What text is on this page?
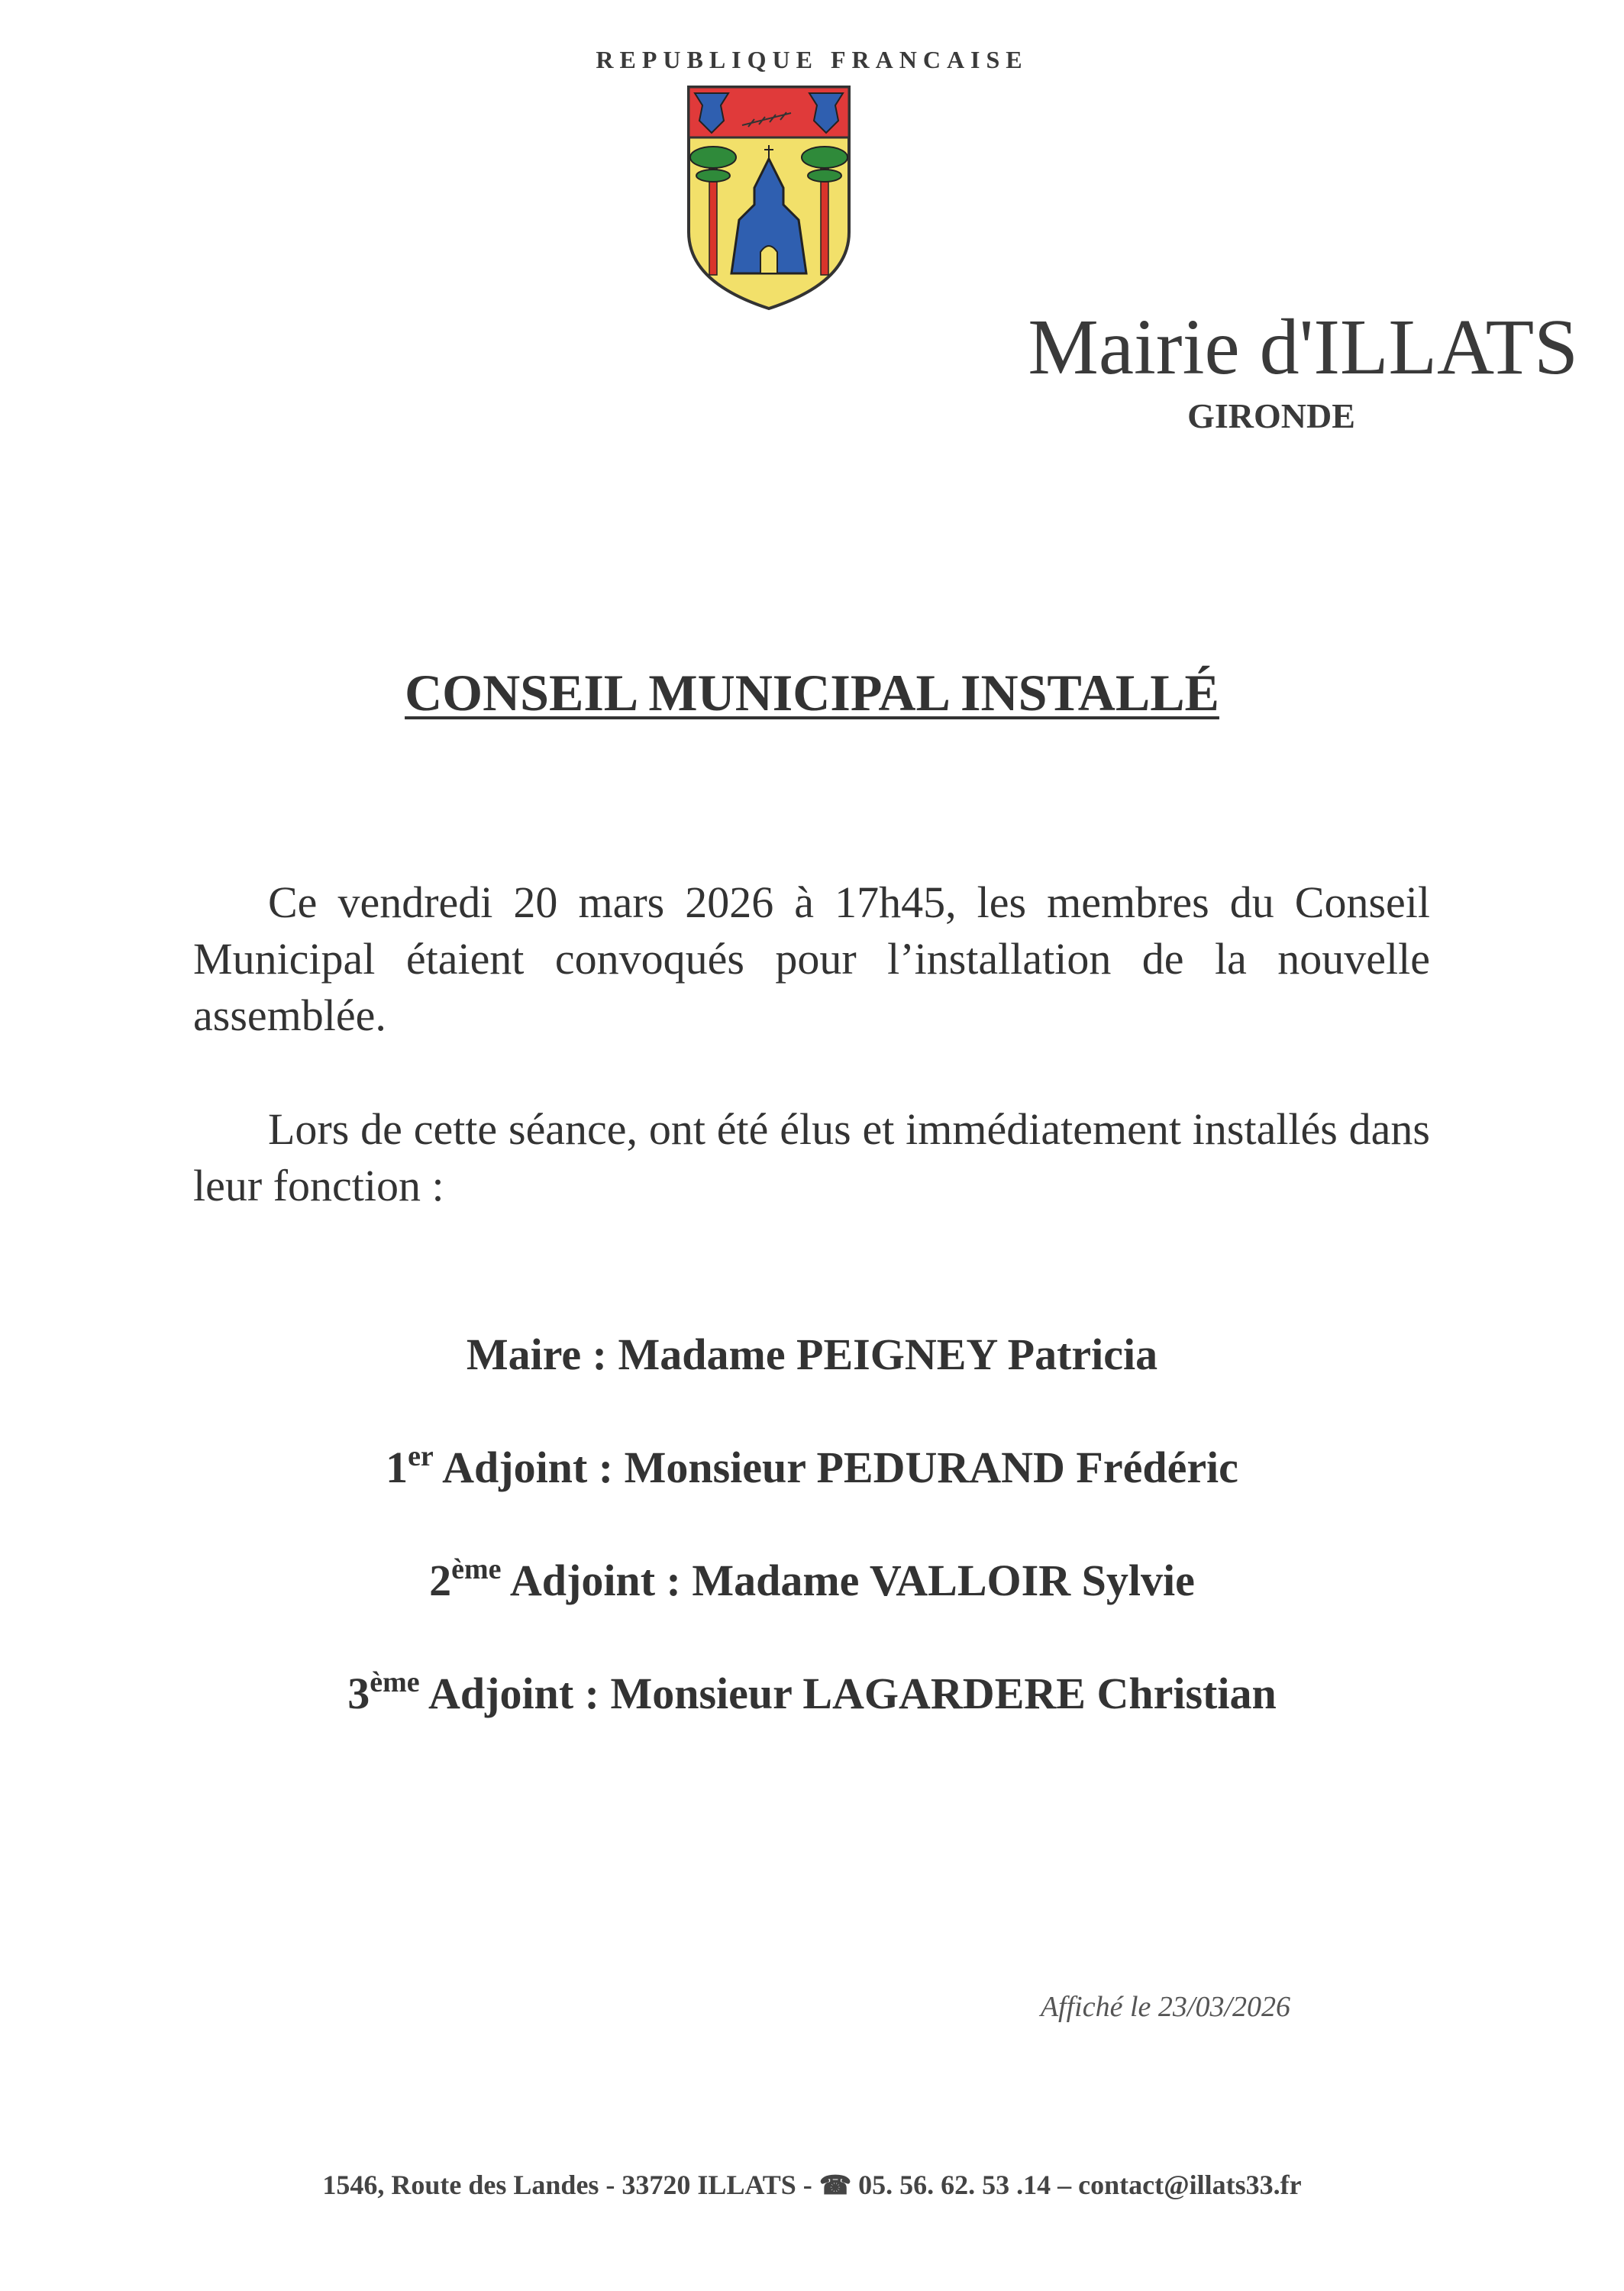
REPUBLIQUE FRANCAISE
Mairie d'ILLATS
GIRONDE
CONSEIL MUNICIPAL INSTALLÉ

Ce vendredi 20 mars 2026 à 17h45, les membres du Conseil Municipal étaient convoqués pour l’installation de la nouvelle assemblée.

Lors de cette séance, ont été élus et immédiatement installés dans leur fonction :

Maire : Madame PEIGNEY Patricia
1er Adjoint : Monsieur PEDURAND Frédéric
2ème Adjoint : Madame VALLOIR Sylvie
3ème Adjoint : Monsieur LAGARDERE Christian
Affiché le 23/03/2026
1546, Route des Landes - 33720 ILLATS - ☎ 05. 56. 62. 53 .14 – contact@illats33.fr
